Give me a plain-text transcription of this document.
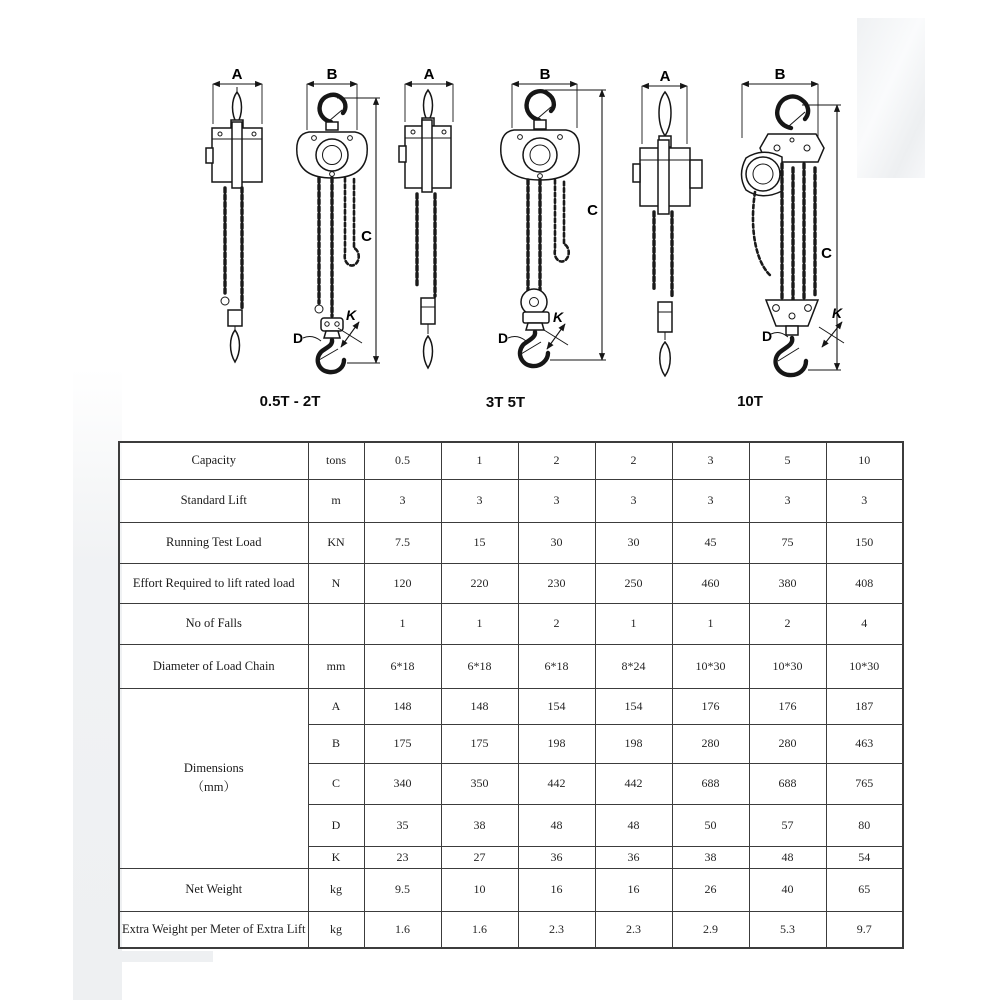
A	B
C
D
K
0.5T - 2T
A	B
C
D
K
3T 5T
A	B
C
D
K
10T
Capacity	tons	0.5	1	2	2	3	5	10
Standard Lift	m	3	3	3	3	3	3	3
Running Test Load	KN	7.5	15	30	30	45	75	150
Effort Required to lift rated load	N	120	220	230	250	460	380	408
No of Falls		1	1	2	1	1	2	4
Diameter of Load Chain	mm	6*18	6*18	6*18	8*24	10*30	10*30	10*30

Dimensions
（mm）	A	148	148	154	154	176	176	187
	B	175	175	198	198	280	280	463
	C	340	350	442	442	688	688	765
	D	35	38	48	48	50	57	80
	K	23	27	36	36	38	48	54
Net Weight	kg	9.5	10	16	16	26	40	65
Extra Weight per Meter of Extra Lift	kg	1.6	1.6	2.3	2.3	2.9	5.3	9.7
